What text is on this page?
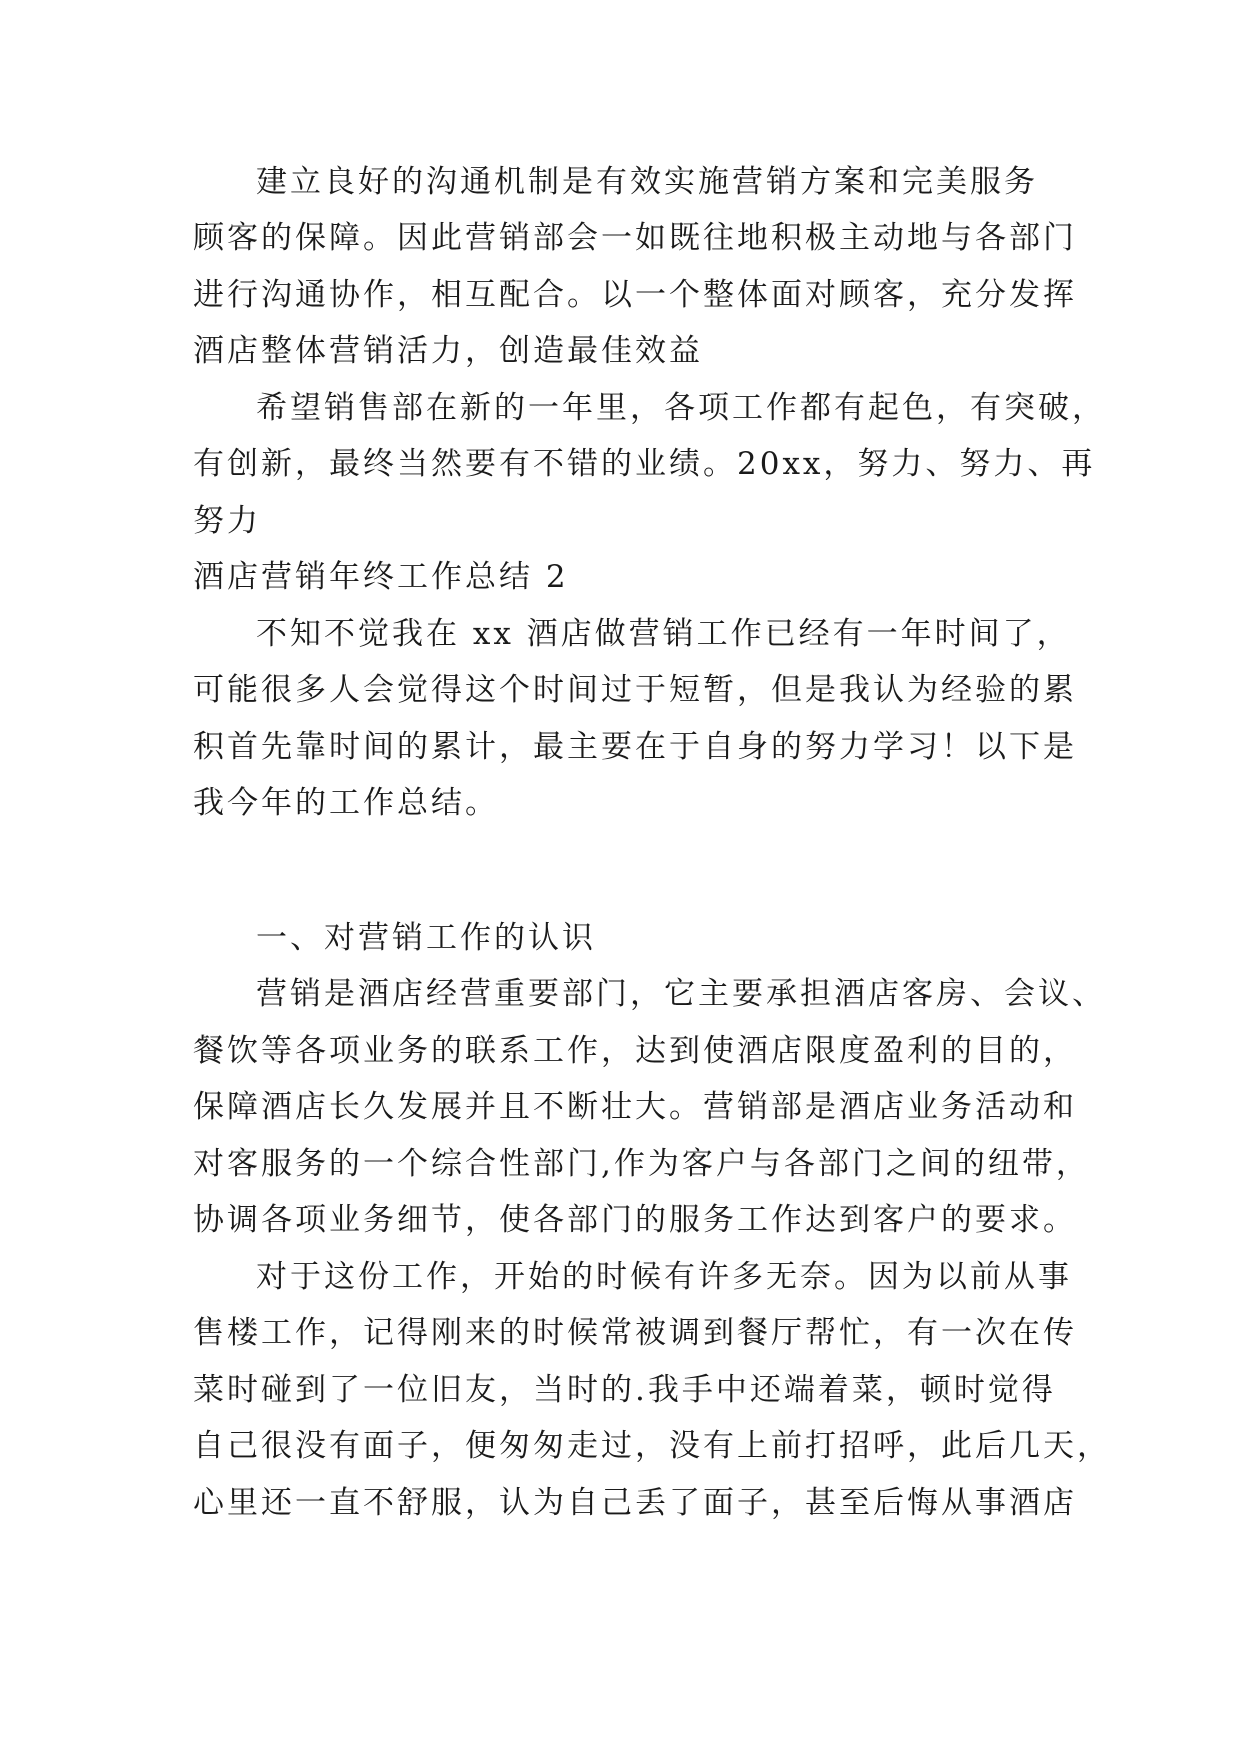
建立良好的沟通机制是有效实施营销方案和完美服务
顾客的保障。因此营销部会一如既往地积极主动地与各部门
进行沟通协作，相互配合。以一个整体面对顾客，充分发挥
酒店整体营销活力，创造最佳效益
希望销售部在新的一年里，各项工作都有起色，有突破，
有创新，最终当然要有不错的业绩。20xx，努力、努力、再
努力
酒店营销年终工作总结 2
不知不觉我在 xx 酒店做营销工作已经有一年时间了，
可能很多人会觉得这个时间过于短暂，但是我认为经验的累
积首先靠时间的累计，最主要在于自身的努力学习！以下是
我今年的工作总结。
一、对营销工作的认识
营销是酒店经营重要部门，它主要承担酒店客房、会议、
餐饮等各项业务的联系工作，达到使酒店限度盈利的目的，
保障酒店长久发展并且不断壮大。营销部是酒店业务活动和
对客服务的一个综合性部门,作为客户与各部门之间的纽带，
协调各项业务细节，使各部门的服务工作达到客户的要求。
对于这份工作，开始的时候有许多无奈。因为以前从事
售楼工作，记得刚来的时候常被调到餐厅帮忙，有一次在传
菜时碰到了一位旧友，当时的.我手中还端着菜，顿时觉得
自己很没有面子，便匆匆走过，没有上前打招呼，此后几天，
心里还一直不舒服，认为自己丢了面子，甚至后悔从事酒店
